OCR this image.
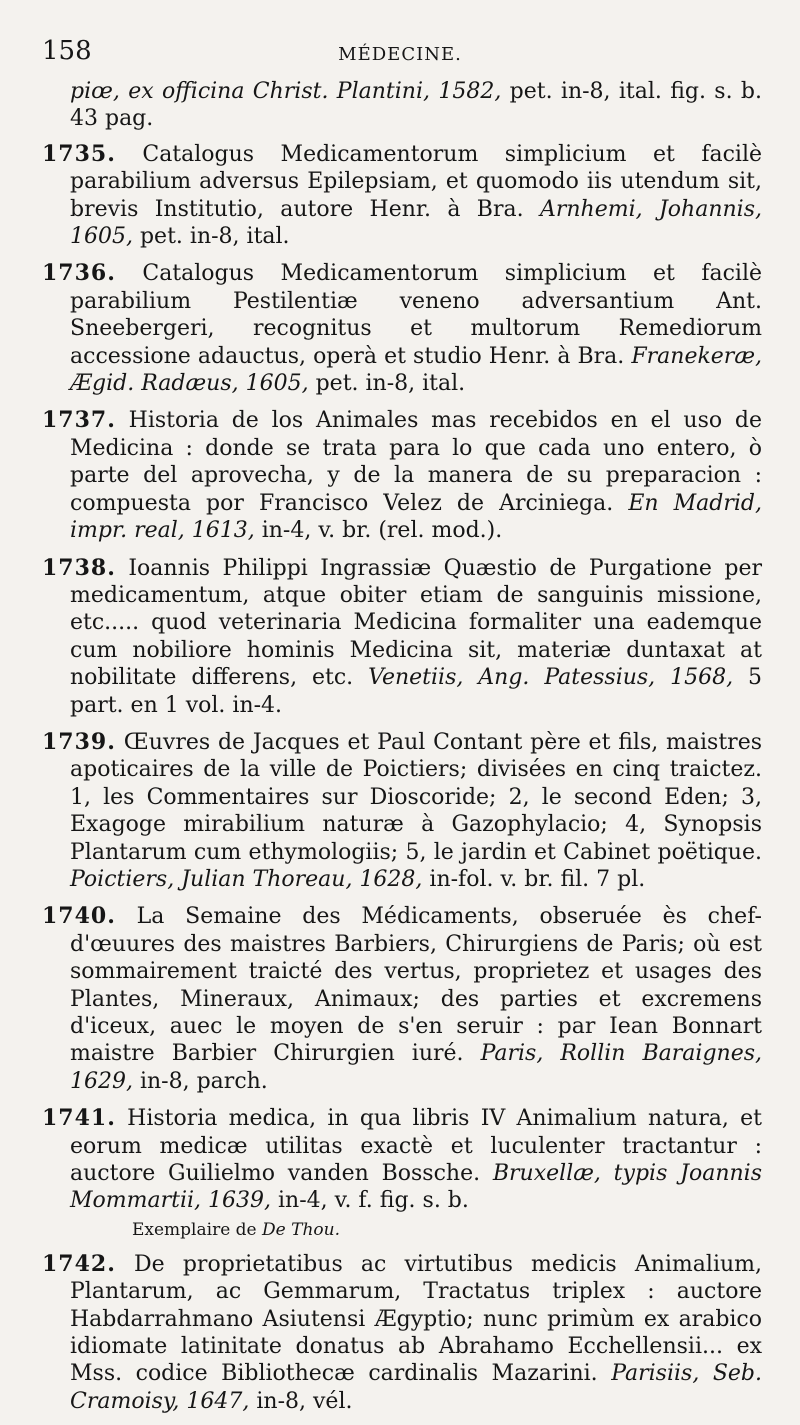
158	MÉDECINE.

piœ, ex officina Christ. Plantini, 1582, pet. in-8, ital. fig. s. b. 43 pag.

1735. Catalogus Medicamentorum simplicium et facilè parabilium adversus Epilepsiam, et quomodo iis utendum sit, brevis Institutio, autore Henr. à Bra. Arnhemi, Johannis, 1605, pet. in-8, ital.

1736. Catalogus Medicamentorum simplicium et facilè parabilium Pestilentiæ veneno adversantium Ant. Sneebergeri, recognitus et multorum Remediorum accessione adauctus, operà et studio Henr. à Bra. Franekeræ, Ægid. Radæus, 1605, pet. in-8, ital.

1737. Historia de los Animales mas recebidos en el uso de Medicina : donde se trata para lo que cada uno entero, ò parte del aprovecha, y de la manera de su preparacion : compuesta por Francisco Velez de Arciniega. En Madrid, impr. real, 1613, in-4, v. br. (rel. mod.).

1738. Ioannis Philippi Ingrassiæ Quæstio de Purgatione per medicamentum, atque obiter etiam de sanguinis missione, etc..... quod veterinaria Medicina formaliter una eademque cum nobiliore hominis Medicina sit, materiæ duntaxat at nobilitate differens, etc. Venetiis, Ang. Patessius, 1568, 5 part. en 1 vol. in-4.

1739. Œuvres de Jacques et Paul Contant père et fils, maistres apoticaires de la ville de Poictiers; divisées en cinq traictez. 1, les Commentaires sur Dioscoride; 2, le second Eden; 3, Exagoge mirabilium naturæ à Gazophylacio; 4, Synopsis Plantarum cum ethymologiis; 5, le jardin et Cabinet poëtique. Poictiers, Julian Thoreau, 1628, in-fol. v. br. fil. 7 pl.

1740. La Semaine des Médicaments, obseruée ès chef-d'œuures des maistres Barbiers, Chirurgiens de Paris; où est sommairement traicté des vertus, proprietez et usages des Plantes, Mineraux, Animaux; des parties et excremens d'iceux, auec le moyen de s'en seruir : par Iean Bonnart maistre Barbier Chirurgien iuré. Paris, Rollin Baraignes, 1629, in-8, parch.

1741. Historia medica, in qua libris IV Animalium natura, et eorum medicæ utilitas exactè et luculenter tractantur : auctore Guilielmo vanden Bossche. Bruxellæ, typis Joannis Mommartii, 1639, in-4, v. f. fig. s. b.

Exemplaire de De Thou.

1742. De proprietatibus ac virtutibus medicis Animalium, Plantarum, ac Gemmarum, Tractatus triplex : auctore Habdarrahmano Asiutensi Ægyptio; nunc primùm ex arabico idiomate latinitate donatus ab Abrahamo Ecchellensii... ex Mss. codice Bibliothecæ cardinalis Mazarini. Parisiis, Seb. Cramoisy, 1647, in-8, vél.
